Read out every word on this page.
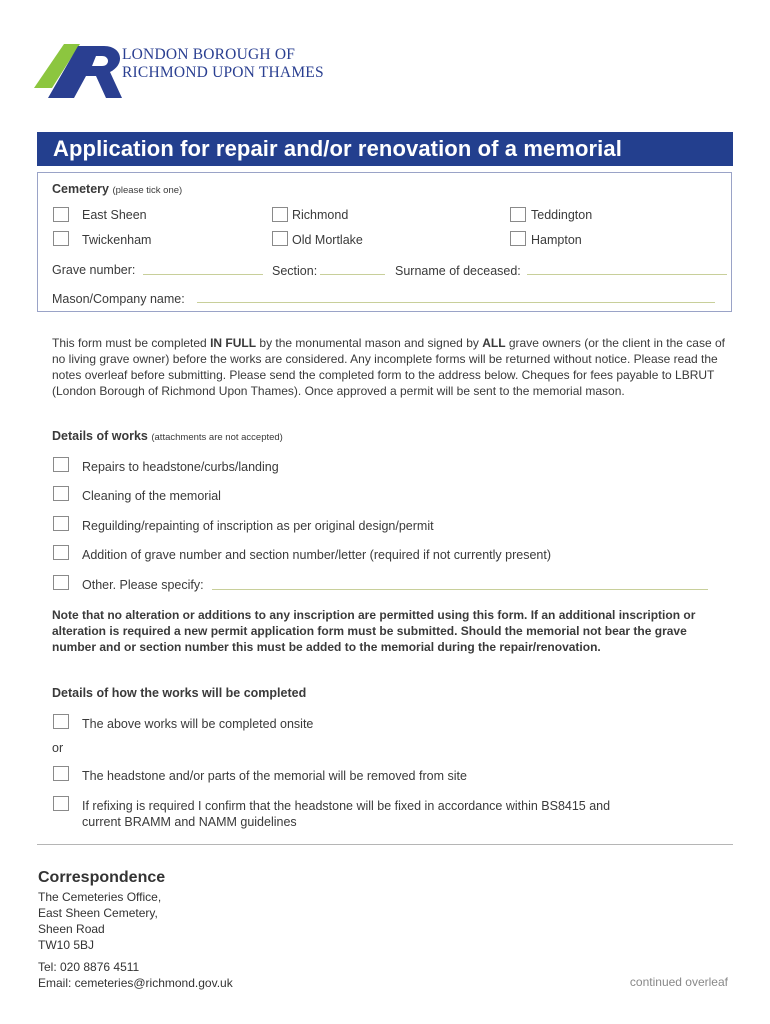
LONDON BOROUGH OF
RICHMOND UPON THAMES
Application for repair and/or renovation of a memorial
Cemetery (please tick one)
East Sheen	Richmond	Teddington
Twickenham	Old Mortlake	Hampton
Grave number:	Section:	Surname of deceased:
Mason/Company name:
This form must be completed IN FULL by the monumental mason and signed by ALL grave owners (or the client in the case of no living grave owner) before the works are considered. Any incomplete forms will be returned without notice. Please read the notes overleaf before submitting. Please send the completed form to the address below. Cheques for fees payable to LBRUT (London Borough of Richmond Upon Thames). Once approved a permit will be sent to the memorial mason.
Details of works (attachments are not accepted)
Repairs to headstone/curbs/landing
Cleaning of the memorial
Reguilding/repainting of inscription as per original design/permit
Addition of grave number and section number/letter (required if not currently present)
Other. Please specify:
Note that no alteration or additions to any inscription are permitted using this form. If an additional inscription or alteration is required a new permit application form must be submitted. Should the memorial not bear the grave number and or section number this must be added to the memorial during the repair/renovation.
Details of how the works will be completed
The above works will be completed onsite
or
The headstone and/or parts of the memorial will be removed from site
If refixing is required I confirm that the headstone will be fixed in accordance within BS8415 and
current BRAMM and NAMM guidelines
Correspondence
The Cemeteries Office,
East Sheen Cemetery,
Sheen Road
TW10 5BJ
Tel: 020 8876 4511
Email: cemeteries@richmond.gov.uk	continued overleaf
